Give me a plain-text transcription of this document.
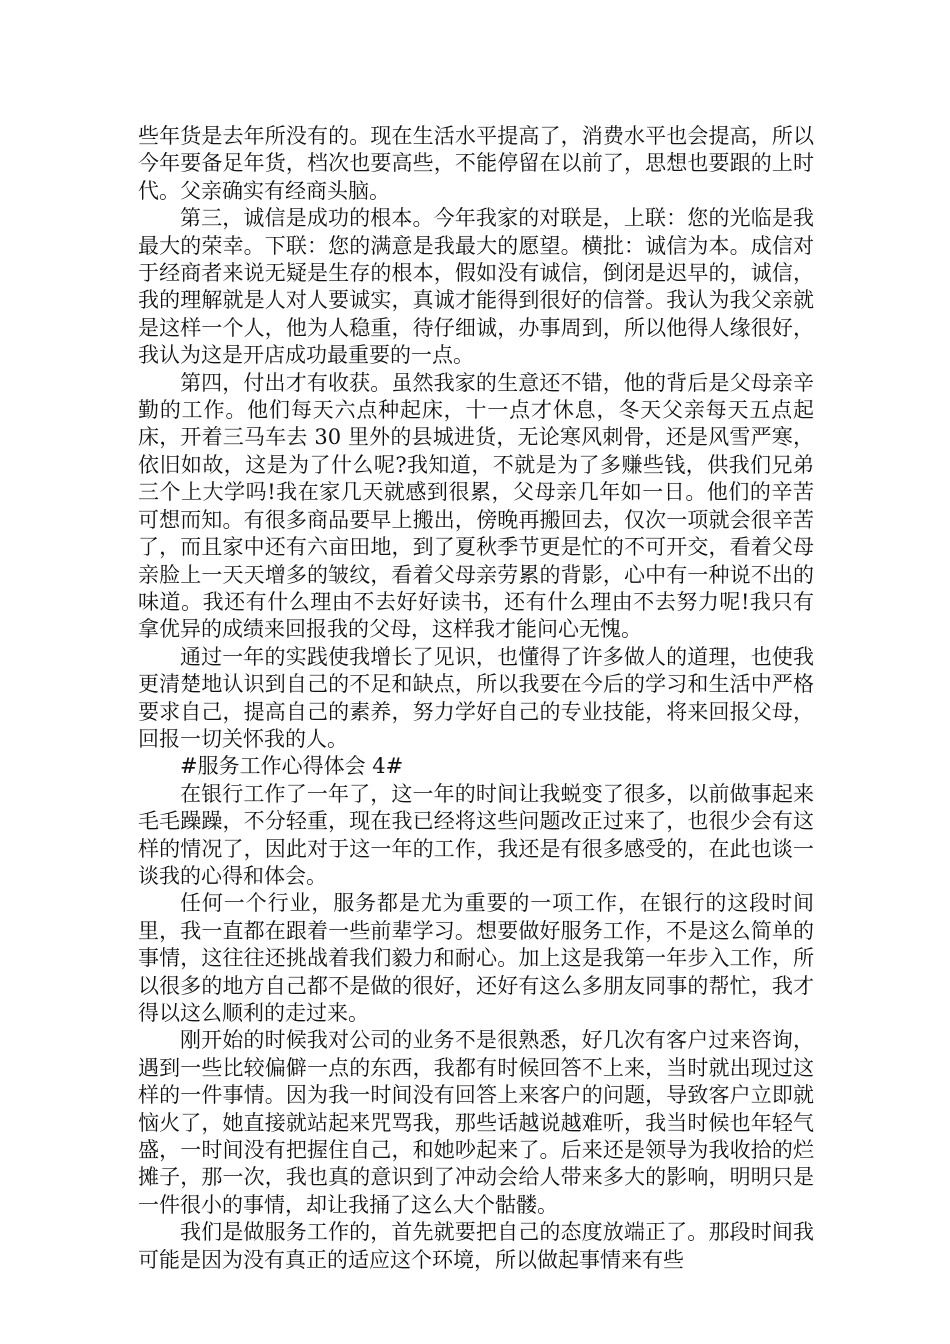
些年货是去年所没有的。现在生活水平提高了，消费水平也会提高，所以今年要备足年货，档次也要高些，不能停留在以前了，思想也要跟的上时代。父亲确实有经商头脑。

第三，诚信是成功的根本。今年我家的对联是，上联：您的光临是我最大的荣幸。下联：您的满意是我最大的愿望。横批：诚信为本。成信对于经商者来说无疑是生存的根本，假如没有诚信，倒闭是迟早的，诚信，我的理解就是人对人要诚实，真诚才能得到很好的信誉。我认为我父亲就是这样一个人，他为人稳重，待仔细诚，办事周到，所以他得人缘很好，我认为这是开店成功最重要的一点。

第四，付出才有收获。虽然我家的生意还不错，他的背后是父母亲辛勤的工作。他们每天六点种起床，十一点才休息，冬天父亲每天五点起床，开着三马车去 30 里外的县城进货，无论寒风刺骨，还是风雪严寒，依旧如故，这是为了什么呢?我知道，不就是为了多赚些钱，供我们兄弟三个上大学吗!我在家几天就感到很累，父母亲几年如一日。他们的辛苦可想而知。有很多商品要早上搬出，傍晚再搬回去，仅次一项就会很辛苦了，而且家中还有六亩田地，到了夏秋季节更是忙的不可开交，看着父母亲脸上一天天增多的皱纹，看着父母亲劳累的背影，心中有一种说不出的味道。我还有什么理由不去好好读书，还有什么理由不去努力呢!我只有拿优异的成绩来回报我的父母，这样我才能问心无愧。

通过一年的实践使我增长了见识，也懂得了许多做人的道理，也使我更清楚地认识到自己的不足和缺点，所以我要在今后的学习和生活中严格要求自己，提高自己的素养，努力学好自己的专业技能，将来回报父母，回报一切关怀我的人。

#服务工作心得体会 4#

在银行工作了一年了，这一年的时间让我蜕变了很多，以前做事起来毛毛躁躁，不分轻重，现在我已经将这些问题改正过来了，也很少会有这样的情况了，因此对于这一年的工作，我还是有很多感受的，在此也谈一谈我的心得和体会。

任何一个行业，服务都是尤为重要的一项工作，在银行的这段时间里，我一直都在跟着一些前辈学习。想要做好服务工作，不是这么简单的事情，这往往还挑战着我们毅力和耐心。加上这是我第一年步入工作，所以很多的地方自己都不是做的很好，还好有这么多朋友同事的帮忙，我才得以这么顺利的走过来。

刚开始的时候我对公司的业务不是很熟悉，好几次有客户过来咨询，遇到一些比较偏僻一点的东西，我都有时候回答不上来，当时就出现过这样的一件事情。因为我一时间没有回答上来客户的问题，导致客户立即就恼火了，她直接就站起来咒骂我，那些话越说越难听，我当时候也年轻气盛，一时间没有把握住自己，和她吵起来了。后来还是领导为我收拾的烂摊子，那一次，我也真的意识到了冲动会给人带来多大的影响，明明只是一件很小的事情，却让我捅了这么大个骷髅。

我们是做服务工作的，首先就要把自己的态度放端正了。那段时间我可能是因为没有真正的适应这个环境，所以做起事情来有些
